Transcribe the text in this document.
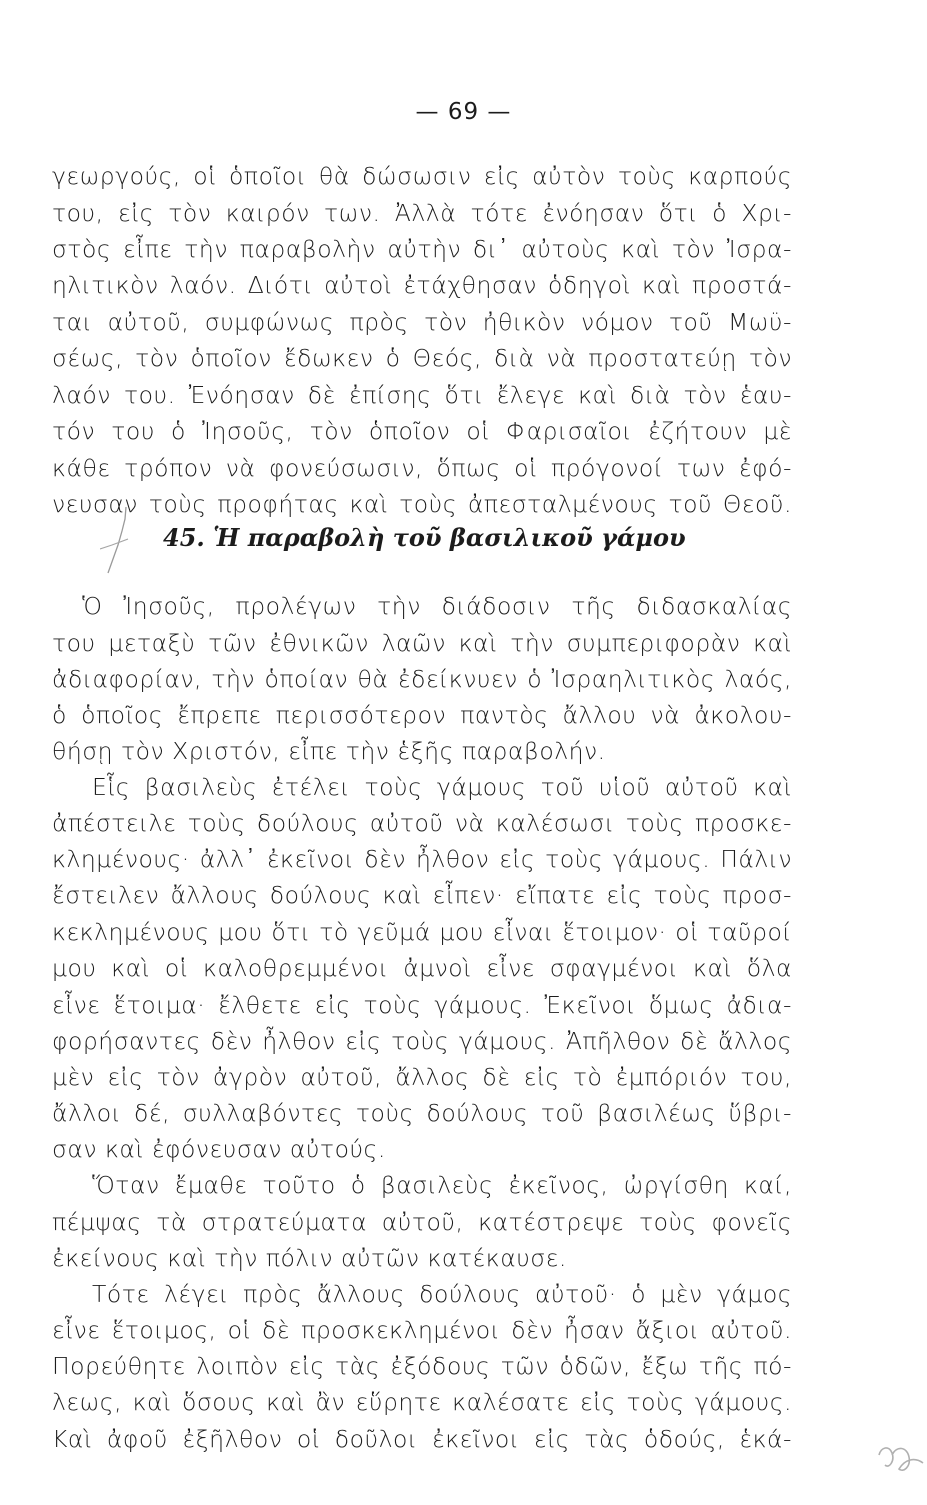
— 69 —
γεωργούς, οἱ ὁποῖοι θὰ δώσωσιν εἰς αὐτὸν τοὺς καρπούς
του, εἰς τὸν καιρόν των. Ἀλλὰ τότε ἐνόησαν ὅτι ὁ Χρι-
στὸς εἶπε τὴν παραβολὴν αὐτὴν δι᾽ αὐτοὺς καὶ τὸν Ἰσρα-
ηλιτικὸν λαόν. Διότι αὐτοὶ ἐτάχθησαν ὁδηγοὶ καὶ προστά-
ται αὐτοῦ, συμφώνως πρὸς τὸν ἠθικὸν νόμον τοῦ Μωϋ-
σέως, τὸν ὁποῖον ἔδωκεν ὁ Θεός, διὰ νὰ προστατεύῃ τὸν
λαόν του. Ἐνόησαν δὲ ἐπίσης ὅτι ἔλεγε καὶ διὰ τὸν ἑαυ-
τόν του ὁ Ἰησοῦς, τὸν ὁποῖον οἱ Φαρισαῖοι ἐζήτουν μὲ
κάθε τρόπον νὰ φονεύσωσιν, ὅπως οἱ πρόγονοί των ἐφό-
νευσαν τοὺς προφήτας καὶ τοὺς ἀπεσταλμένους τοῦ Θεοῦ.
45. Ἡ παραβολὴ τοῦ βασιλικοῦ γάμου
Ὁ Ἰησοῦς, προλέγων τὴν διάδοσιν τῆς διδασκαλίας
του μεταξὺ τῶν ἐθνικῶν λαῶν καὶ τὴν συμπεριφορὰν καὶ
ἀδιαφορίαν, τὴν ὁποίαν θὰ ἐδείκνυεν ὁ Ἰσραηλιτικὸς λαός,
ὁ ὁποῖος ἔπρεπε περισσότερον παντὸς ἄλλου νὰ ἀκολου-
θήσῃ τὸν Χριστόν, εἶπε τὴν ἑξῆς παραβολήν.
Εἷς βασιλεὺς ἐτέλει τοὺς γάμους τοῦ υἱοῦ αὐτοῦ καὶ
ἀπέστειλε τοὺς δούλους αὐτοῦ νὰ καλέσωσι τοὺς προσκε-
κλημένους· ἀλλ᾽ ἐκεῖνοι δὲν ἦλθον εἰς τοὺς γάμους. Πάλιν
ἔστειλεν ἄλλους δούλους καὶ εἶπεν· εἴπατε εἰς τοὺς προσ-
κεκλημένους μου ὅτι τὸ γεῦμά μου εἶναι ἕτοιμον· οἱ ταῦροί
μου καὶ οἱ καλοθρεμμένοι ἀμνοὶ εἶνε σφαγμένοι καὶ ὅλα
εἶνε ἕτοιμα· ἔλθετε εἰς τοὺς γάμους. Ἐκεῖνοι ὅμως ἀδια-
φορήσαντες δὲν ἦλθον εἰς τοὺς γάμους. Ἀπῆλθον δὲ ἄλλος
μὲν εἰς τὸν ἀγρὸν αὐτοῦ, ἄλλος δὲ εἰς τὸ ἐμπόριόν του,
ἄλλοι δέ, συλλαβόντες τοὺς δούλους τοῦ βασιλέως ὕβρι-
σαν καὶ ἐφόνευσαν αὐτούς.
Ὅταν ἔμαθε τοῦτο ὁ βασιλεὺς ἐκεῖνος, ὠργίσθη καί,
πέμψας τὰ στρατεύματα αὐτοῦ, κατέστρεψε τοὺς φονεῖς
ἐκείνους καὶ τὴν πόλιν αὐτῶν κατέκαυσε.
Τότε λέγει πρὸς ἄλλους δούλους αὐτοῦ· ὁ μὲν γάμος
εἶνε ἕτοιμος, οἱ δὲ προσκεκλημένοι δὲν ἦσαν ἄξιοι αὐτοῦ.
Πορεύθητε λοιπὸν εἰς τὰς ἐξόδους τῶν ὁδῶν, ἔξω τῆς πό-
λεως, καὶ ὅσους καὶ ἂν εὕρητε καλέσατε εἰς τοὺς γάμους.
Καὶ ἀφοῦ ἐξῆλθον οἱ δοῦλοι ἐκεῖνοι εἰς τὰς ὁδούς, ἑκά-
